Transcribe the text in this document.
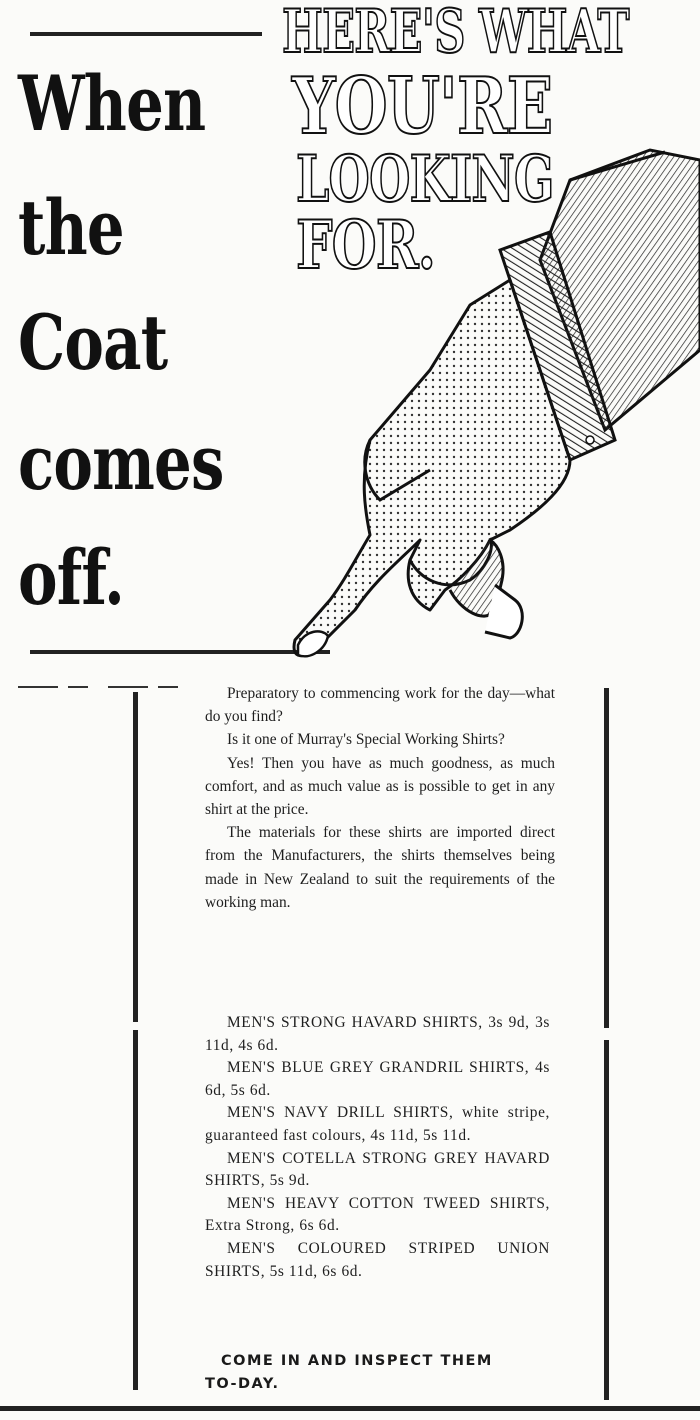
When
the
Coat
comes
off.
HERE'S WHAT
YOU'RE
LOOKING
FOR.

Preparatory to commencing work for the day—what do you find?

Is it one of Murray's Special Working Shirts?

Yes! Then you have as much goodness, as much comfort, and as much value as is possible to get in any shirt at the price.

The materials for these shirts are imported direct from the Manufacturers, the shirts themselves being made in New Zealand to suit the requirements of the working man.

MEN'S STRONG HAVARD SHIRTS, 3s 9d, 3s 11d, 4s 6d.

MEN'S BLUE GREY GRANDRIL SHIRTS, 4s 6d, 5s 6d.

MEN'S NAVY DRILL SHIRTS, white stripe, guaranteed fast colours, 4s 11d, 5s 11d.

MEN'S COTELLA STRONG GREY HAVARD SHIRTS, 5s 9d.

MEN'S HEAVY COTTON TWEED SHIRTS, Extra Strong, 6s 6d.

MEN'S COLOURED STRIPED UNION SHIRTS, 5s 11d, 6s 6d.

COME IN AND INSPECT THEM
TO-DAY.
